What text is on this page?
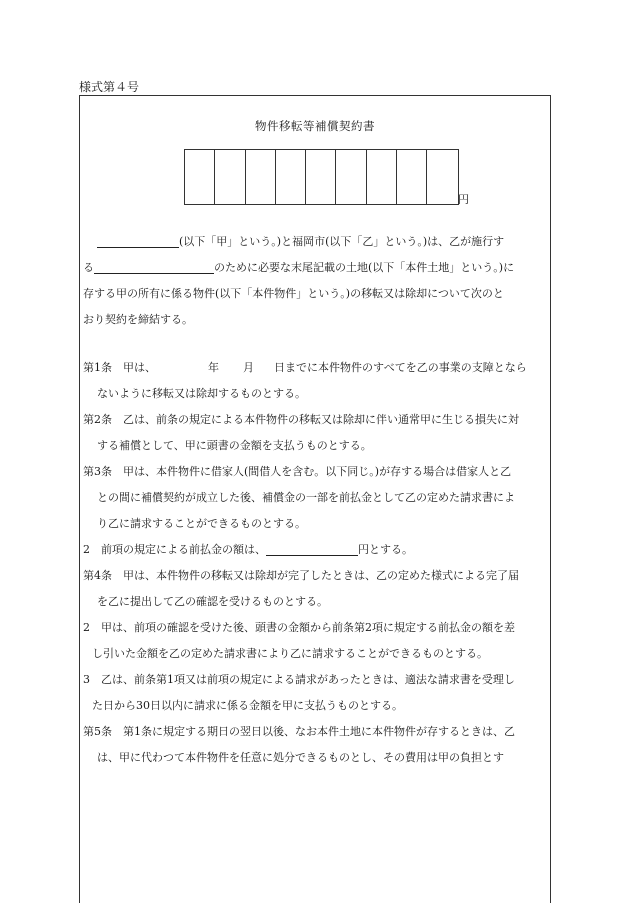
様式第４号
物件移転等補償契約書
円
(以下「甲」という。)と福岡市(以下「乙」という。)は、乙が施行す
る	のために必要な末尾記載の土地(以下「本件土地」という。)に
存する甲の所有に係る物件(以下「本件物件」という。)の移転又は除却について次のと
おり契約を締結する。
第1条　甲は、	年 月 日までに本件物件のすべてを乙の事業の支障となら
ないように移転又は除却するものとする。
第2条　乙は、前条の規定による本件物件の移転又は除却に伴い通常甲に生じる損失に対
する補償として、甲に頭書の金額を支払うものとする。
第3条　甲は、本件物件に借家人(間借人を含む。以下同じ。)が存する場合は借家人と乙
との間に補償契約が成立した後、補償金の一部を前払金として乙の定めた請求書によ
り乙に請求することができるものとする。
2　前項の規定による前払金の額は、	円とする。
第4条　甲は、本件物件の移転又は除却が完了したときは、乙の定めた様式による完了届
を乙に提出して乙の確認を受けるものとする。
2　甲は、前項の確認を受けた後、頭書の金額から前条第2項に規定する前払金の額を差
し引いた金額を乙の定めた請求書により乙に請求することができるものとする。
3　乙は、前条第1項又は前項の規定による請求があったときは、適法な請求書を受理し
た日から30日以内に請求に係る金額を甲に支払うものとする。
第5条　第1条に規定する期日の翌日以後、なお本件土地に本件物件が存するときは、乙
は、甲に代わつて本件物件を任意に処分できるものとし、その費用は甲の負担とす
